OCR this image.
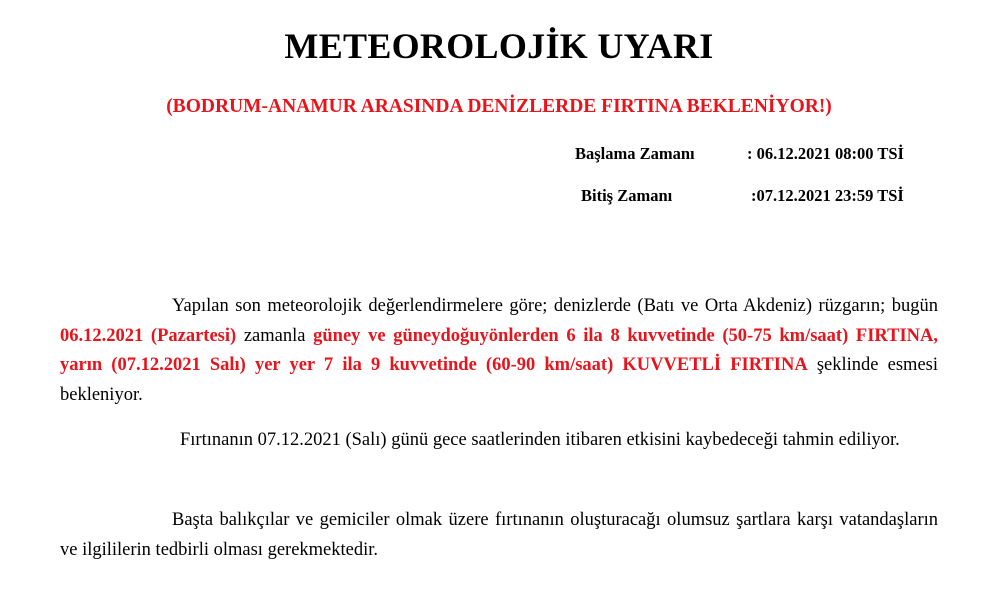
METEOROLOJİK UYARI
(BODRUM-ANAMUR ARASINDA DENİZLERDE FIRTINA BEKLENİYOR!)
Başlama Zamanı	: 06.12.2021 08:00 TSİ
Bitiş Zamanı	:07.12.2021 23:59 TSİ
Yapılan son meteorolojik değerlendirmelere göre; denizlerde (Batı ve Orta Akdeniz) rüzgarın; bugün 06.12.2021 (Pazartesi) zamanla güney ve güneydoğuyönlerden 6 ila 8 kuvvetinde (50-75 km/saat) FIRTINA, yarın (07.12.2021 Salı) yer yer 7 ila 9 kuvvetinde (60-90 km/saat) KUVVETLİ FIRTINA şeklinde esmesi bekleniyor.
Fırtınanın 07.12.2021 (Salı) günü gece saatlerinden itibaren etkisini kaybedeceği tahmin ediliyor.
Başta balıkçılar ve gemiciler olmak üzere fırtınanın oluşturacağı olumsuz şartlara karşı vatandaşların ve ilgililerin tedbirli olması gerekmektedir.
